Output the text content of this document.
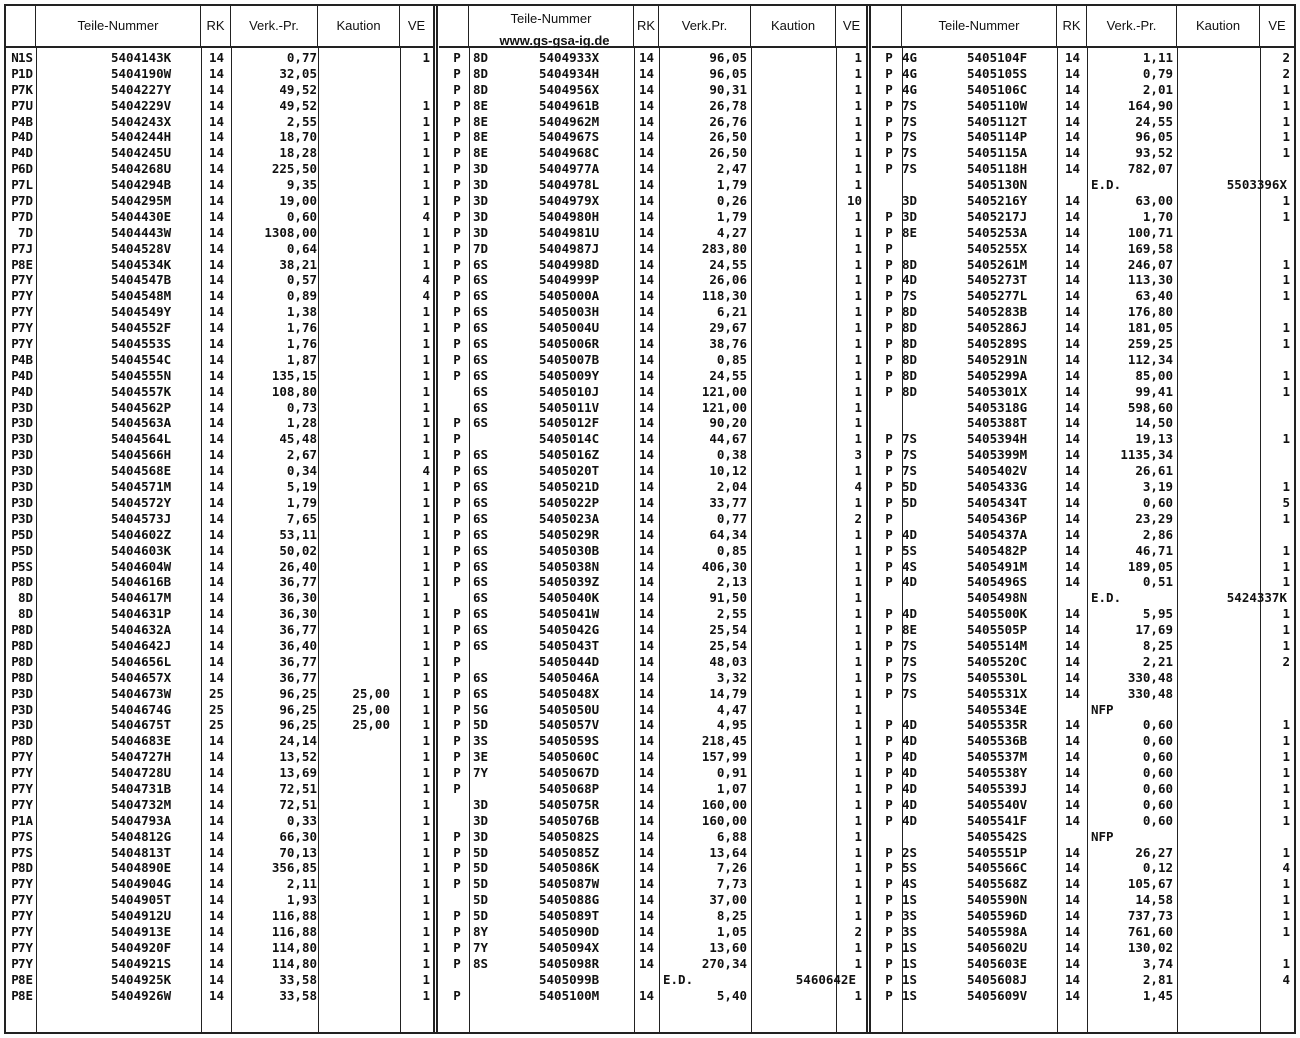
Teile-Nummer	RK	Verk.-Pr.	Kaution	VE
N 1S	5404143K	14	0,77	1
P 1D	5404190W	14	32,05
P 7K	5404227Y	14	49,52
P 7U	5404229V	14	49,52	1
P 4B	5404243X	14	2,55	1
P 4D	5404244H	14	18,70	1
P 4D	5404245U	14	18,28	1
P 6D	5404268U	14	225,50	1
P 7L	5404294B	14	9,35	1
P 7D	5404295M	14	19,00	1
P 7D	5404430E	14	0,60	4
7D	5404443W	14	1308,00	1
P 7J	5404528V	14	0,64	1
P 8E	5404534K	14	38,21	1
P 7Y	5404547B	14	0,57	4
P 7Y	5404548M	14	0,89	4
P 7Y	5404549Y	14	1,38	1
P 7Y	5404552F	14	1,76	1
P 7Y	5404553S	14	1,76	1
P 4B	5404554C	14	1,87	1
P 4D	5404555N	14	135,15	1
P 4D	5404557K	14	108,80	1
P 3D	5404562P	14	0,73	1
P 3D	5404563A	14	1,28	1
P 3D	5404564L	14	45,48	1
P 3D	5404566H	14	2,67	1
P 3D	5404568E	14	0,34	4
P 3D	5404571M	14	5,19	1
P 3D	5404572Y	14	1,79	1
P 3D	5404573J	14	7,65	1
P 5D	5404602Z	14	53,11	1
P 5D	5404603K	14	50,02	1
P 5S	5404604W	14	26,40	1
P 8D	5404616B	14	36,77	1
8D	5404617M	14	36,30	1
8D	5404631P	14	36,30	1
P 8D	5404632A	14	36,77	1
P 8D	5404642J	14	36,40	1
P 8D	5404656L	14	36,77	1
P 8D	5404657X	14	36,77	1
P 3D	5404673W	25	96,25	25,00	1
P 3D	5404674G	25	96,25	25,00	1
P 3D	5404675T	25	96,25	25,00	1
P 8D	5404683E	14	24,14	1
P 7Y	5404727H	14	13,52	1
P 7Y	5404728U	14	13,69	1
P 7Y	5404731B	14	72,51	1
P 7Y	5404732M	14	72,51	1
P 1A	5404793A	14	0,33	1
P 7S	5404812G	14	66,30	1
P 7S	5404813T	14	70,13	1
P 8D	5404890E	14	356,85	1
P 7Y	5404904G	14	2,11	1
P 7Y	5404905T	14	1,93	1
P 7Y	5404912U	14	116,88	1
P 7Y	5404913E	14	116,88	1
P 7Y	5404920F	14	114,80	1
P 7Y	5404921S	14	114,80	1
P 8E	5404925K	14	33,58	1
P 8E	5404926W	14	33,58	1
Teile-Nummer	RK	Verk.Pr.	Kaution	VE
www.gs-gsa-ig.de
P 8D	5404933X	14	96,05	1
P 8D	5404934H	14	96,05	1
P 8D	5404956X	14	90,31	1
P 8E	5404961B	14	26,78	1
P 8E	5404962M	14	26,76	1
P 8E	5404967S	14	26,50	1
P 8E	5404968C	14	26,50	1
P 3D	5404977A	14	2,47	1
P 3D	5404978L	14	1,79	1
P 3D	5404979X	14	0,26	10
P 3D	5404980H	14	1,79	1
P 3D	5404981U	14	4,27	1
P 7D	5404987J	14	283,80	1
P 6S	5404998D	14	24,55	1
P 6S	5404999P	14	26,06	1
P 6S	5405000A	14	118,30	1
P 6S	5405003H	14	6,21	1
P 6S	5405004U	14	29,67	1
P 6S	5405006R	14	38,76	1
P 6S	5405007B	14	0,85	1
P 6S	5405009Y	14	24,55	1
6S	5405010J	14	121,00	1
6S	5405011V	14	121,00	1
P 6S	5405012F	14	90,20	1
P	5405014C	14	44,67	1
P 6S	5405016Z	14	0,38	3
P 6S	5405020T	14	10,12	1
P 6S	5405021D	14	2,04	4
P 6S	5405022P	14	33,77	1
P 6S	5405023A	14	0,77	2
P 6S	5405029R	14	64,34	1
P 6S	5405030B	14	0,85	1
P 6S	5405038N	14	406,30	1
P 6S	5405039Z	14	2,13	1
6S	5405040K	14	91,50	1
P 6S	5405041W	14	2,55	1
P 6S	5405042G	14	25,54	1
P 6S	5405043T	14	25,54	1
P	5405044D	14	48,03	1
P 6S	5405046A	14	3,32	1
P 6S	5405048X	14	14,79	1
P 5G	5405050U	14	4,47	1
P 5D	5405057V	14	4,95	1
P 3S	5405059S	14	218,45	1
P 3E	5405060C	14	157,99	1
P 7Y	5405067D	14	0,91	1
P	5405068P	14	1,07	1
3D	5405075R	14	160,00	1
3D	5405076B	14	160,00	1
P 3D	5405082S	14	6,88	1
P 5D	5405085Z	14	13,64	1
P 5D	5405086K	14	7,26	1
P 5D	5405087W	14	7,73	1
5D	5405088G	14	37,00	1
P 5D	5405089T	14	8,25	1
P 8Y	5405090D	14	1,05	2
P 7Y	5405094X	14	13,60	1
P 8S	5405098R	14	270,34	1
5405099B	E.D.	5460642E
P	5405100M	14	5,40	1
Teile-Nummer	RK	Verk.-Pr.	Kaution	VE
P 4G	5405104F	14	1,11	2
P 4G	5405105S	14	0,79	2
P 4G	5405106C	14	2,01	1
P 7S	5405110W	14	164,90	1
P 7S	5405112T	14	24,55	1
P 7S	5405114P	14	96,05	1
P 7S	5405115A	14	93,52	1
P 7S	5405118H	14	782,07
5405130N	E.D.	5503396X
3D	5405216Y	14	63,00	1
P 3D	5405217J	14	1,70	1
P 8E	5405253A	14	100,71
P	5405255X	14	169,58
P 8D	5405261M	14	246,07	1
P 4D	5405273T	14	113,30	1
P 7S	5405277L	14	63,40	1
P 8D	5405283B	14	176,80
P 8D	5405286J	14	181,05	1
P 8D	5405289S	14	259,25	1
P 8D	5405291N	14	112,34
P 8D	5405299A	14	85,00	1
P 8D	5405301X	14	99,41	1
5405318G	14	598,60
5405388T	14	14,50
P 7S	5405394H	14	19,13	1
P 7S	5405399M	14	1135,34
P 7S	5405402V	14	26,61
P 5D	5405433G	14	3,19	1
P 5D	5405434T	14	0,60	5
P	5405436P	14	23,29	1
P 4D	5405437A	14	2,86
P 5S	5405482P	14	46,71	1
P 4S	5405491M	14	189,05	1
P 4D	5405496S	14	0,51	1
5405498N	E.D.	5424337K
P 4D	5405500K	14	5,95	1
P 8E	5405505P	14	17,69	1
P 7S	5405514M	14	8,25	1
P 7S	5405520C	14	2,21	2
P 7S	5405530L	14	330,48
P 7S	5405531X	14	330,48
5405534E	NFP
P 4D	5405535R	14	0,60	1
P 4D	5405536B	14	0,60	1
P 4D	5405537M	14	0,60	1
P 4D	5405538Y	14	0,60	1
P 4D	5405539J	14	0,60	1
P 4D	5405540V	14	0,60	1
P 4D	5405541F	14	0,60	1
5405542S	NFP
P 2S	5405551P	14	26,27	1
P 5S	5405566C	14	0,12	4
P 4S	5405568Z	14	105,67	1
P 1S	5405590N	14	14,58	1
P 3S	5405596D	14	737,73	1
P 3S	5405598A	14	761,60	1
P 1S	5405602U	14	130,02
P 1S	5405603E	14	3,74	1
P 1S	5405608J	14	2,81	4
P 1S	5405609V	14	1,45
